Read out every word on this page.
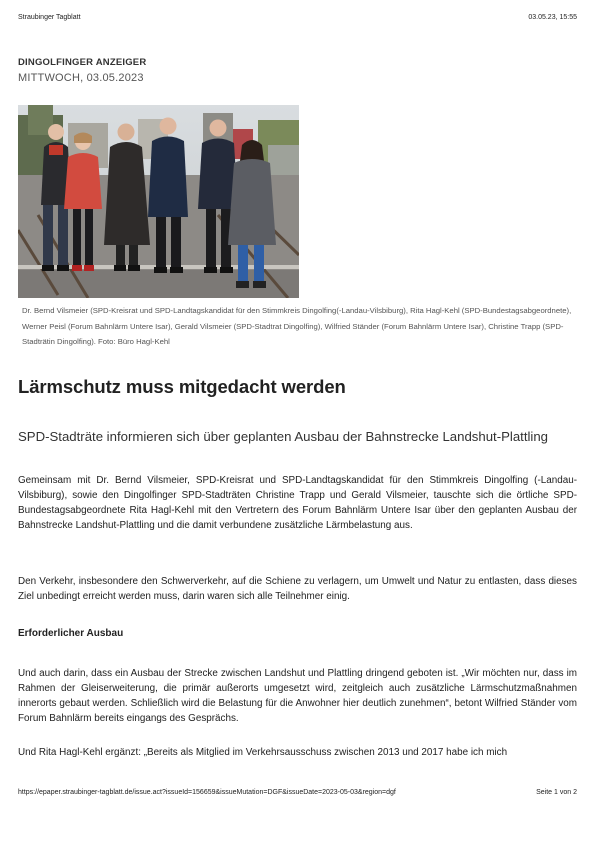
Straubinger Tagblatt	03.05.23, 15:55
DINGOLFINGER ANZEIGER
MITTWOCH, 03.05.2023
Dr. Bernd Vilsmeier (SPD-Kreisrat und SPD-Landtagskandidat für den Stimmkreis Dingolfing(-Landau-Vilsbiburg), Rita Hagl-Kehl (SPD-Bundestagsabgeordnete), Werner Peisl (Forum Bahnlärm Untere Isar), Gerald Vilsmeier (SPD-Stadtrat Dingolfing), Wilfried Ständer (Forum Bahnlärm Untere Isar), Christine Trapp (SPD-Stadträtin Dingolfing). Foto: Büro Hagl-Kehl
Lärmschutz muss mitgedacht werden
SPD-Stadträte informieren sich über geplanten Ausbau der Bahnstrecke Landshut-Plattling
Gemeinsam mit Dr. Bernd Vilsmeier, SPD-Kreisrat und SPD-Landtagskandidat für den Stimmkreis Dingolfing (-Landau-Vilsbiburg), sowie den Dingolfinger SPD-Stadträten Christine Trapp und Gerald Vilsmeier, tauschte sich die örtliche SPD-Bundestagsabgeordnete Rita Hagl-Kehl mit den Vertretern des Forum Bahnlärm Untere Isar über den geplanten Ausbau der Bahnstrecke Landshut-Plattling und die damit verbundene zusätzliche Lärmbelastung aus.
Den Verkehr, insbesondere den Schwerverkehr, auf die Schiene zu verlagern, um Umwelt und Natur zu entlasten, dass dieses Ziel unbedingt erreicht werden muss, darin waren sich alle Teilnehmer einig.
Erforderlicher Ausbau
Und auch darin, dass ein Ausbau der Strecke zwischen Landshut und Plattling dringend geboten ist. „Wir möchten nur, dass im Rahmen der Gleiserweiterung, die primär außerorts umgesetzt wird, zeitgleich auch zusätzliche Lärmschutzmaßnahmen innerorts gebaut werden. Schließlich wird die Belastung für die Anwohner hier deutlich zunehmen“, betont Wilfried Ständer vom Forum Bahnlärm bereits eingangs des Gesprächs.
Und Rita Hagl-Kehl ergänzt: „Bereits als Mitglied im Verkehrsausschuss zwischen 2013 und 2017 habe ich mich
https://epaper.straubinger-tagblatt.de/issue.act?issueId=156659&issueMutation=DGF&issueDate=2023-05-03&region=dgf	Seite 1 von 2
